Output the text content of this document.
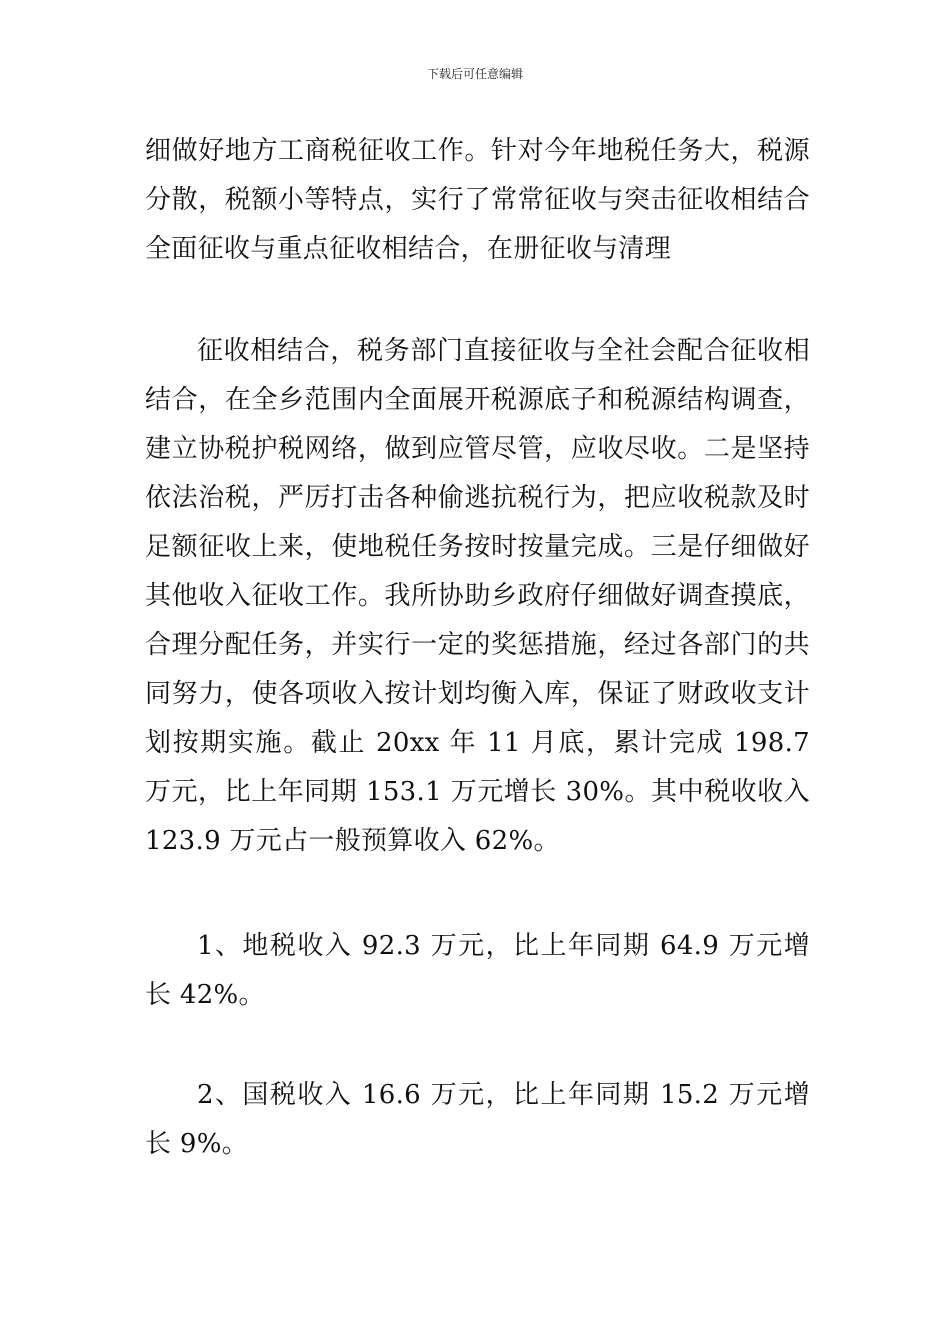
下载后可任意编辑

细做好地方工商税征收工作。针对今年地税任务大，税源分散，税额小等特点，实行了常常征收与突击征收相结合全面征收与重点征收相结合，在册征收与清理

征收相结合，税务部门直接征收与全社会配合征收相结合，在全乡范围内全面展开税源底子和税源结构调查，建立协税护税网络，做到应管尽管，应收尽收。二是坚持依法治税，严厉打击各种偷逃抗税行为，把应收税款及时足额征收上来，使地税任务按时按量完成。三是仔细做好其他收入征收工作。我所协助乡政府仔细做好调查摸底，合理分配任务，并实行一定的奖惩措施，经过各部门的共同努力，使各项收入按计划均衡入库，保证了财政收支计划按期实施。截止 20xx 年 11 月底，累计完成 198.7 万元，比上年同期 153.1 万元增长 30%。其中税收收入 123.9 万元占一般预算收入 62%。

1、地税收入 92.3 万元，比上年同期 64.9 万元增长 42%。

2、国税收入 16.6 万元，比上年同期 15.2 万元增长 9%。
